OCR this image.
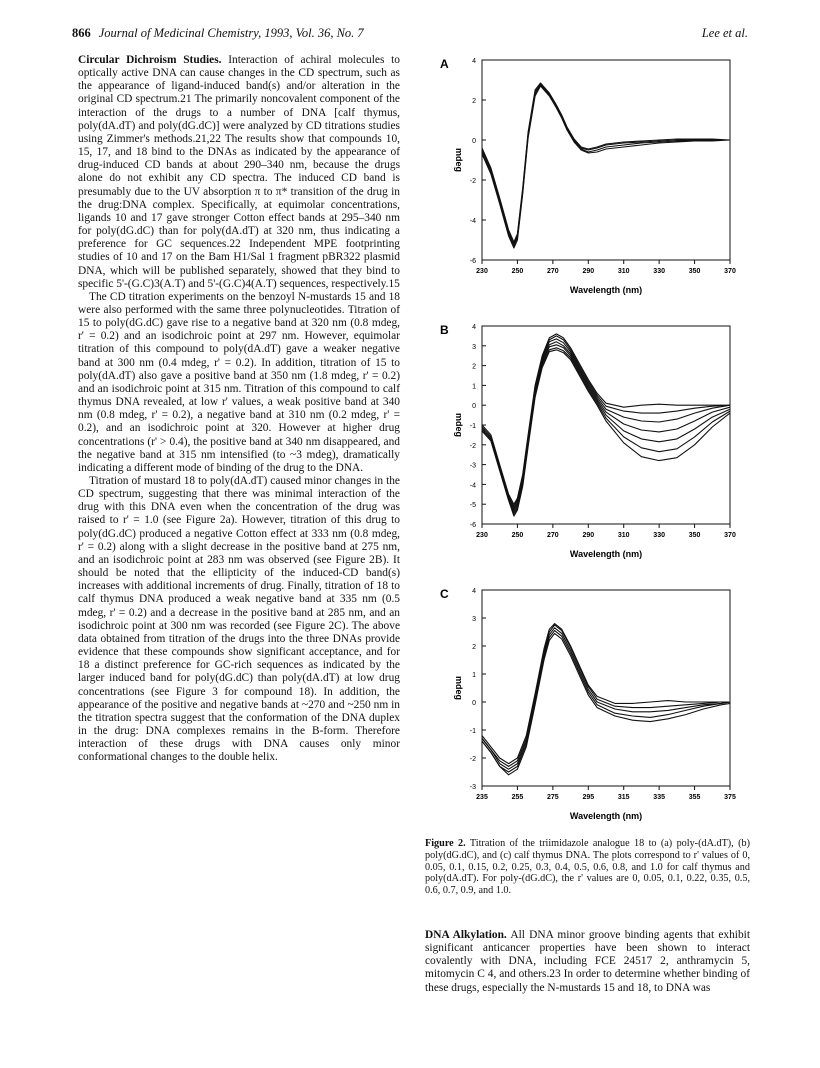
866 Journal of Medicinal Chemistry, 1993, Vol. 36, No. 7	Lee et al.

Circular Dichroism Studies. Interaction of achiral molecules to optically active DNA can cause changes in the CD spectrum, such as the appearance of ligand-induced band(s) and/or alteration in the original CD spectrum.21 The primarily noncovalent component of the interaction of the drugs to a number of DNA [calf thymus, poly(dA.dT) and poly(dG.dC)] were analyzed by CD titrations studies using Zimmer's methods.21,22 The results show that compounds 10, 15, 17, and 18 bind to the DNAs as indicated by the appearance of drug-induced CD bands at about 290–340 nm, because the drugs alone do not exhibit any CD spectra. The induced CD band is presumably due to the UV absorption π to π* transition of the drug in the drug:DNA complex. Specifically, at equimolar concentrations, ligands 10 and 17 gave stronger Cotton effect bands at 295–340 nm for poly(dG.dC) than for poly(dA.dT) at 320 nm, thus indicating a preference for GC sequences.22 Independent MPE footprinting studies of 10 and 17 on the Bam H1/Sal 1 fragment pBR322 plasmid DNA, which will be published separately, showed that they bind to specific 5'-(G.C)3(A.T) and 5'-(G.C)4(A.T) sequences, respectively.15

The CD titration experiments on the benzoyl N-mustards 15 and 18 were also performed with the same three polynucleotides. Titration of 15 to poly(dG.dC) gave rise to a negative band at 320 nm (0.8 mdeg, r' = 0.2) and an isodichroic point at 297 nm. However, equimolar titration of this compound to poly(dA.dT) gave a weaker negative band at 300 nm (0.4 mdeg, r' = 0.2). In addition, titration of 15 to poly(dA.dT) also gave a positive band at 350 nm (1.8 mdeg, r' = 0.2) and an isodichroic point at 315 nm. Titration of this compound to calf thymus DNA revealed, at low r' values, a weak positive band at 340 nm (0.8 mdeg, r' = 0.2), a negative band at 310 nm (0.2 mdeg, r' = 0.2), and an isodichroic point at 320. However at higher drug concentrations (r' > 0.4), the positive band at 340 nm disappeared, and the negative band at 315 nm intensified (to ~3 mdeg), dramatically indicating a different mode of binding of the drug to the DNA.

Titration of mustard 18 to poly(dA.dT) caused minor changes in the CD spectrum, suggesting that there was minimal interaction of the drug with this DNA even when the concentration of the drug was raised to r' = 1.0 (see Figure 2a). However, titration of this drug to poly(dG.dC) produced a negative Cotton effect at 333 nm (0.8 mdeg, r' = 0.2) along with a slight decrease in the positive band at 275 nm, and an isodichroic point at 283 nm was observed (see Figure 2B). It should be noted that the ellipticity of the induced-CD band(s) increases with additional increments of drug. Finally, titration of 18 to calf thymus DNA produced a weak negative band at 335 nm (0.5 mdeg, r' = 0.2) and a decrease in the positive band at 285 nm, and an isodichroic point at 300 nm was recorded (see Figure 2C). The above data obtained from titration of the drugs into the three DNAs provide evidence that these compounds show significant acceptance, and for 18 a distinct preference for GC-rich sequences as indicated by the larger induced band for poly(dG.dC) than poly(dA.dT) at low drug concentrations (see Figure 3 for compound 18). In addition, the appearance of the positive and negative bands at ~270 and ~250 nm in the titration spectra suggest that the conformation of the DNA duplex in the drug: DNA complexes remains in the B-form. Therefore interaction of these drugs with DNA causes only minor conformational changes to the double helix.

A	4
2
0
-2
-4
-6
230	250	270	290	310	330	350	370
mdeg
Wavelength (nm)
B	4
3
2
1
0
-1
-2
-3
-4
-5
-6
230	250	270	290	310	330	350	370
mdeg
Wavelength (nm)
C	4
3
2
1
0
-1
-2
-3
235	255	275	295	315	335	355	375
mdeg
Wavelength (nm)
Figure 2. Titration of the triimidazole analogue 18 to (a) poly-(dA.dT), (b) poly(dG.dC), and (c) calf thymus DNA. The plots correspond to r' values of 0, 0.05, 0.1, 0.15, 0.2, 0.25, 0.3, 0.4, 0.5, 0.6, 0.8, and 1.0 for calf thymus and poly(dA.dT). For poly-(dG.dC), the r' values are 0, 0.05, 0.1, 0.22, 0.35, 0.5, 0.6, 0.7, 0.9, and 1.0.

DNA Alkylation. All DNA minor groove binding agents that exhibit significant anticancer properties have been shown to interact covalently with DNA, including FCE 24517 2, anthramycin 5, mitomycin C 4, and others.23 In order to determine whether binding of these drugs, especially the N-mustards 15 and 18, to DNA was
